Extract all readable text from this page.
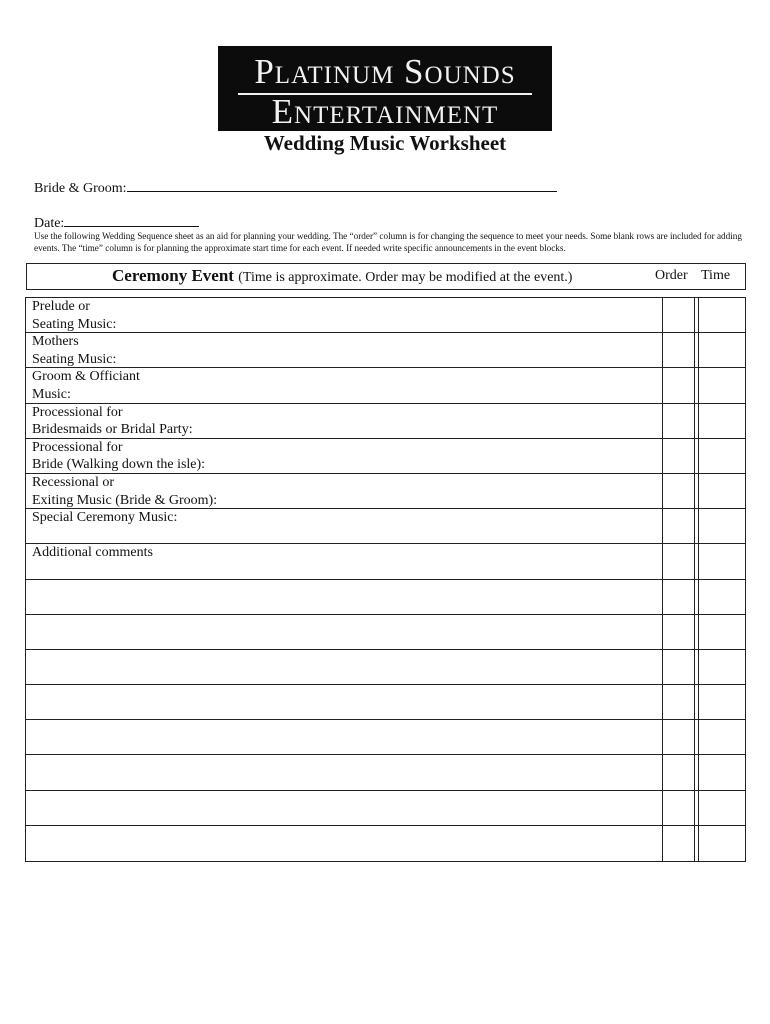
Platinum Sounds
Entertainment
Wedding Music Worksheet
Bride & Groom:
Date:
Use the following Wedding Sequence sheet as an aid for planning your wedding. The “order” column is for changing the sequence to meet your needs. Some blank rows are included for adding events. The “time” column is for planning the approximate start time for each event. If needed write specific announcements in the event blocks.
Ceremony Event (Time is approximate. Order may be modified at the event.)	Order Time
Prelude or
Seating Music:
Mothers
Seating Music:
Groom & Officiant
Music:
Processional for
Bridesmaids or Bridal Party:
Processional for
Bride (Walking down the isle):
Recessional or
Exiting Music (Bride & Groom):
Special Ceremony Music:
Additional comments
